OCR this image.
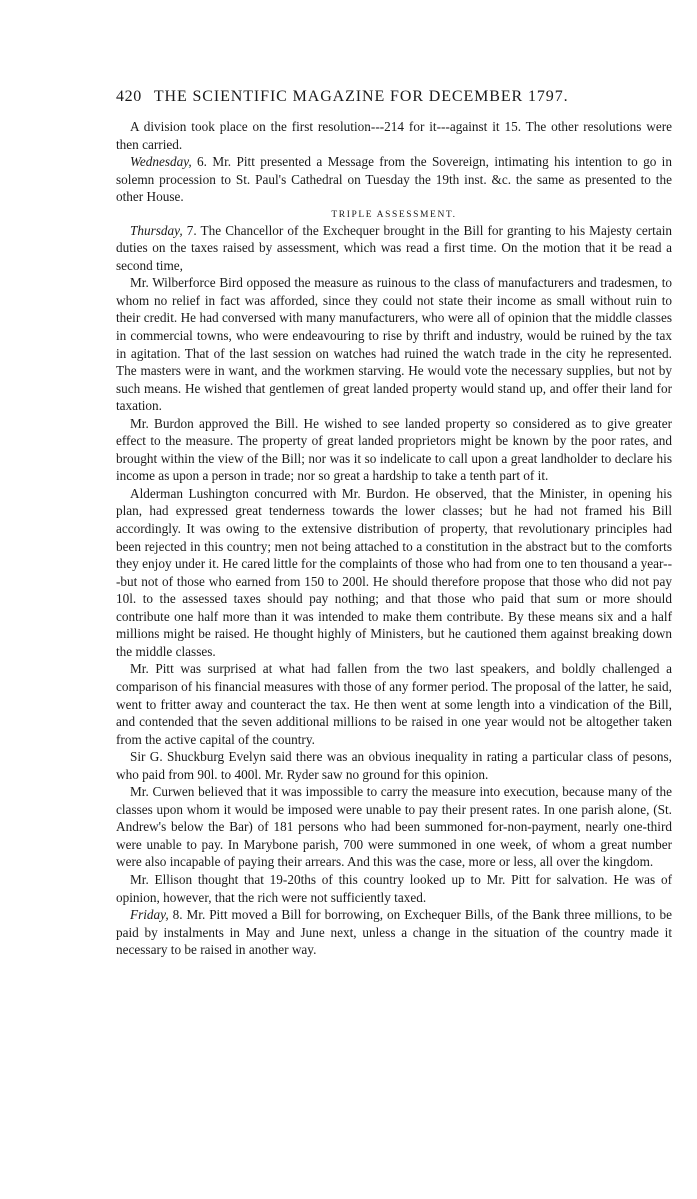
420 THE SCIENTIFIC MAGAZINE FOR DECEMBER 1797.

A division took place on the first resolution---214 for it---against it 15. The other resolutions were then carried.

Wednesday, 6. Mr. Pitt presented a Message from the Sovereign, intimating his intention to go in solemn procession to St. Paul's Cathedral on Tuesday the 19th inst. &c. the same as presented to the other House.

TRIPLE ASSESSMENT.

Thursday, 7. The Chancellor of the Exchequer brought in the Bill for granting to his Majesty certain duties on the taxes raised by assessment, which was read a first time. On the motion that it be read a second time,

Mr. Wilberforce Bird opposed the measure as ruinous to the class of manufacturers and tradesmen, to whom no relief in fact was afforded, since they could not state their income as small without ruin to their credit. He had conversed with many manufacturers, who were all of opinion that the middle classes in commercial towns, who were endeavouring to rise by thrift and industry, would be ruined by the tax in agitation. That of the last session on watches had ruined the watch trade in the city he represented. The masters were in want, and the workmen starving. He would vote the necessary supplies, but not by such means. He wished that gentlemen of great landed property would stand up, and offer their land for taxation.

Mr. Burdon approved the Bill. He wished to see landed property so considered as to give greater effect to the measure. The property of great landed proprietors might be known by the poor rates, and brought within the view of the Bill; nor was it so indelicate to call upon a great landholder to declare his income as upon a person in trade; nor so great a hardship to take a tenth part of it.

Alderman Lushington concurred with Mr. Burdon. He observed, that the Minister, in opening his plan, had expressed great tenderness towards the lower classes; but he had not framed his Bill accordingly. It was owing to the extensive distribution of property, that revolutionary principles had been rejected in this country; men not being attached to a constitution in the abstract but to the comforts they enjoy under it. He cared little for the complaints of those who had from one to ten thousand a year---but not of those who earned from 150 to 200l. He should therefore propose that those who did not pay 10l. to the assessed taxes should pay nothing; and that those who paid that sum or more should contribute one half more than it was intended to make them contribute. By these means six and a half millions might be raised. He thought highly of Ministers, but he cautioned them against breaking down the middle classes.

Mr. Pitt was surprised at what had fallen from the two last speakers, and boldly challenged a comparison of his financial measures with those of any former period. The proposal of the latter, he said, went to fritter away and counteract the tax. He then went at some length into a vindication of the Bill, and contended that the seven additional millions to be raised in one year would not be altogether taken from the active capital of the country.

Sir G. Shuckburg Evelyn said there was an obvious inequality in rating a particular class of pesons, who paid from 90l. to 400l. Mr. Ryder saw no ground for this opinion.

Mr. Curwen believed that it was impossible to carry the measure into execution, because many of the classes upon whom it would be imposed were unable to pay their present rates. In one parish alone, (St. Andrew's below the Bar) of 181 persons who had been summoned for-non-payment, nearly one-third were unable to pay. In Marybone parish, 700 were summoned in one week, of whom a great number were also incapable of paying their arrears. And this was the case, more or less, all over the kingdom.

Mr. Ellison thought that 19-20ths of this country looked up to Mr. Pitt for salvation. He was of opinion, however, that the rich were not sufficiently taxed.

Friday, 8. Mr. Pitt moved a Bill for borrowing, on Exchequer Bills, of the Bank three millions, to be paid by instalments in May and June next, unless a change in the situation of the country made it necessary to be raised in another way.
